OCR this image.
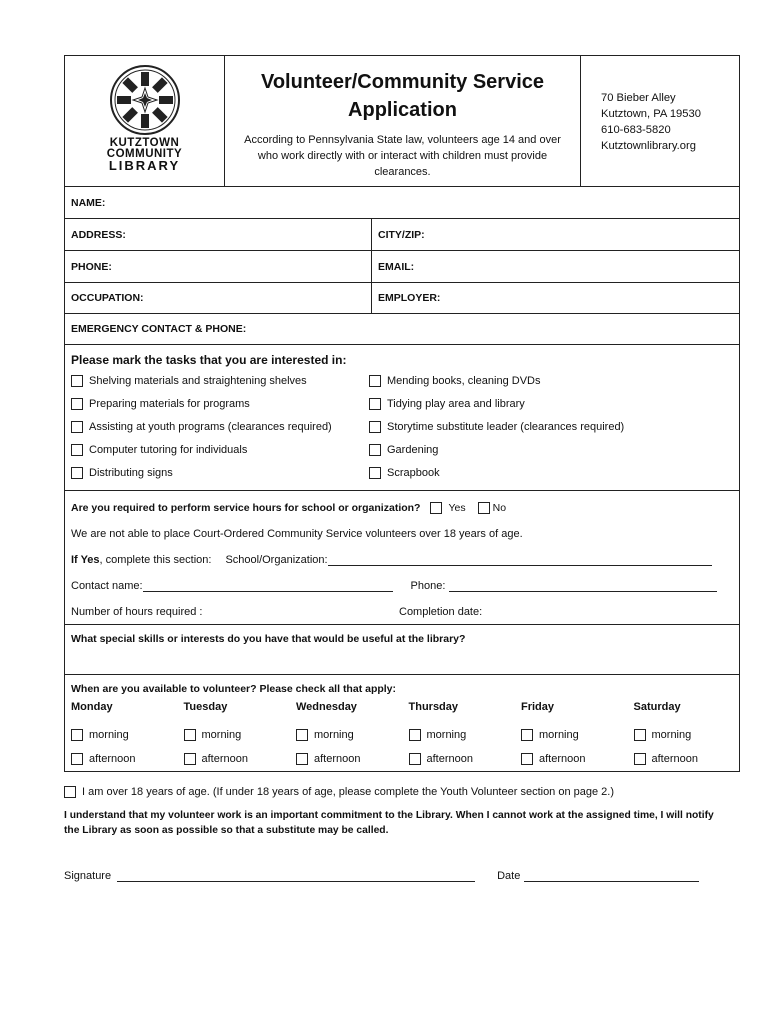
KUTZTOWN
COMMUNITY
LIBRARY
Volunteer/Community Service
Application

According to Pennsylvania State law, volunteers age 14 and over who work directly with or interact with children must provide clearances.

70 Bieber Alley
Kutztown, PA 19530
610-683-5820
Kutztownlibrary.org
NAME:
ADDRESS:	CITY/ZIP:
PHONE:	EMAIL:
OCCUPATION:	EMPLOYER:
EMERGENCY CONTACT & PHONE:
Please mark the tasks that you are interested in:
Shelving materials and straightening shelves	Mending books, cleaning DVDs
Preparing materials for programs	Tidying play area and library
Assisting at youth programs (clearances required)	Storytime substitute leader (clearances required)
Computer tutoring for individuals	Gardening
Distributing signs	Scrapbook
Are you required to perform service hours for school or organization?	Yes	No
We are not able to place Court-Ordered Community Service volunteers over 18 years of age.
If Yes , complete this section: School/Organization:
Contact name:	Phone:
Number of hours required :	Completion date:
What special skills or interests do you have that would be useful at the library?
When are you available to volunteer? Please check all that apply:
Monday	Tuesday	Wednesday	Thursday	Friday	Saturday
morning	morning	morning	morning	morning	morning
afternoon	afternoon	afternoon	afternoon	afternoon	afternoon
I am over 18 years of age. (If under 18 years of age, please complete the Youth Volunteer section on page 2.)
I understand that my volunteer work is an important commitment to the Library. When I cannot work at the assigned time, I will notify the Library as soon as possible so that a substitute may be called.
Signature	Date
